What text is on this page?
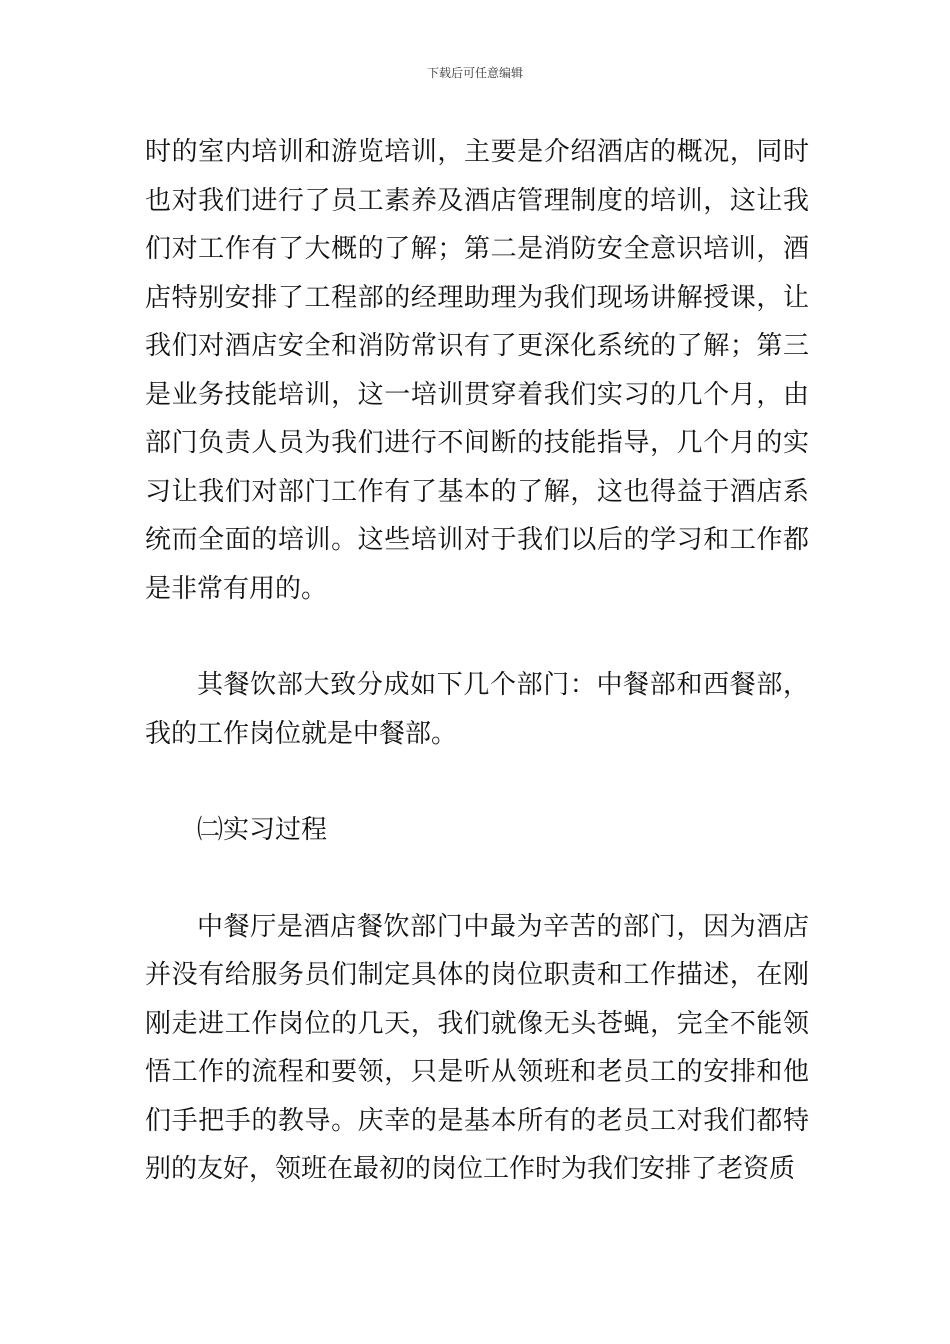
下载后可任意编辑

时的室内培训和游览培训，主要是介绍酒店的概况，同时也对我们进行了员工素养及酒店管理制度的培训，这让我们对工作有了大概的了解；第二是消防安全意识培训，酒店特别安排了工程部的经理助理为我们现场讲解授课，让我们对酒店安全和消防常识有了更深化系统的了解；第三是业务技能培训，这一培训贯穿着我们实习的几个月，由部门负责人员为我们进行不间断的技能指导，几个月的实习让我们对部门工作有了基本的了解，这也得益于酒店系统而全面的培训。这些培训对于我们以后的学习和工作都是非常有用的。

其餐饮部大致分成如下几个部门：中餐部和西餐部，我的工作岗位就是中餐部。

㈡实习过程

中餐厅是酒店餐饮部门中最为辛苦的部门，因为酒店并没有给服务员们制定具体的岗位职责和工作描述，在刚刚走进工作岗位的几天，我们就像无头苍蝇，完全不能领悟工作的流程和要领，只是听从领班和老员工的安排和他们手把手的教导。庆幸的是基本所有的老员工对我们都特别的友好，领班在最初的岗位工作时为我们安排了老资质
